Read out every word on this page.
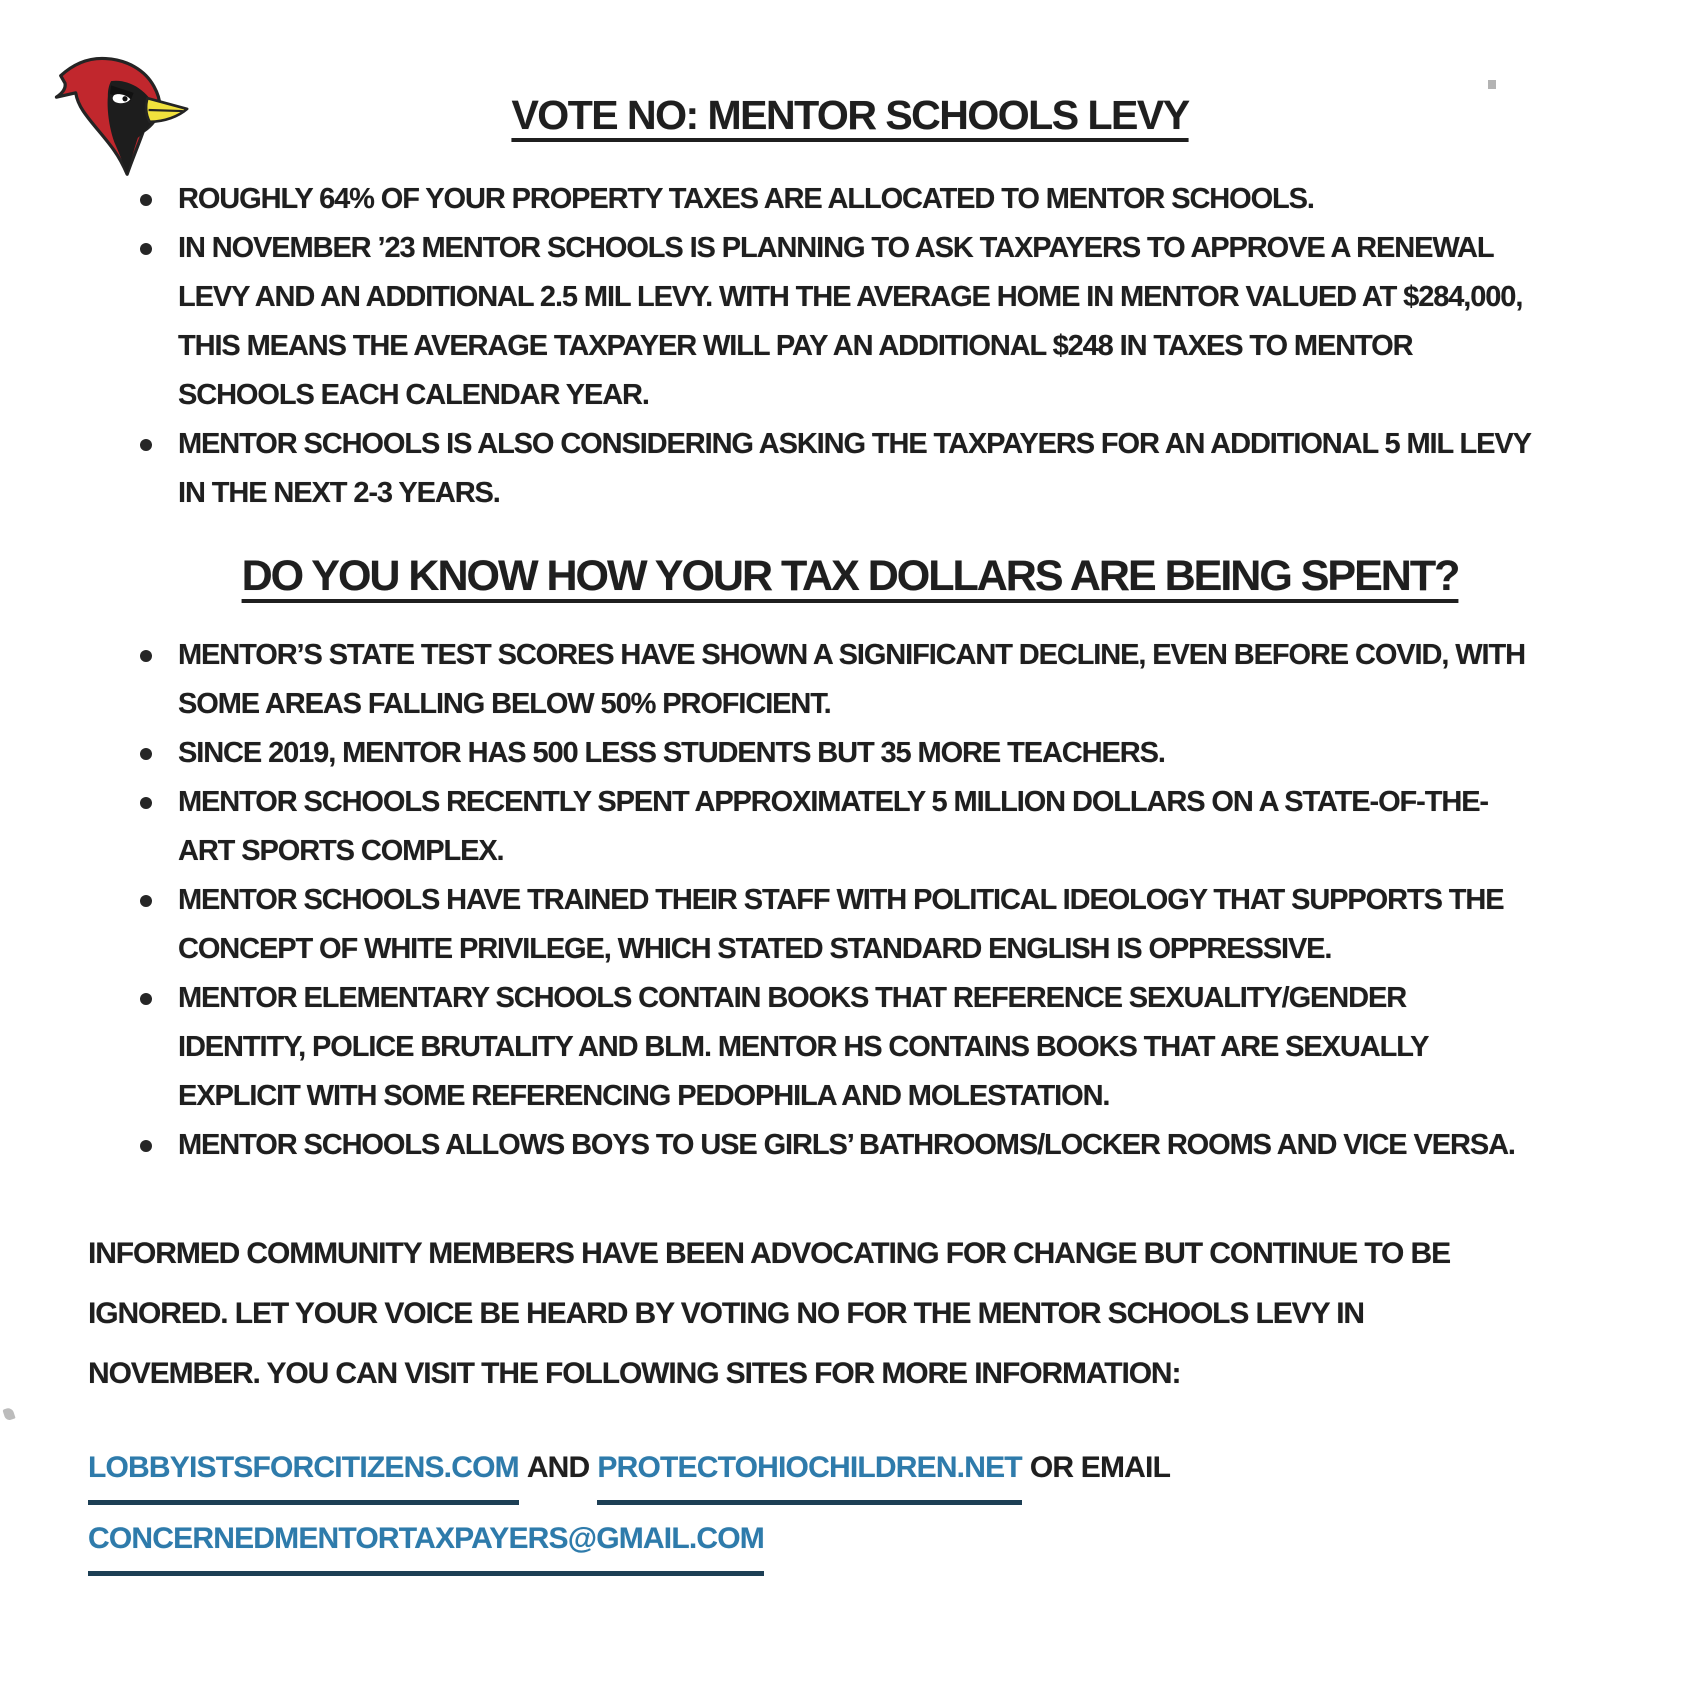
VOTE NO: MENTOR SCHOOLS LEVY
ROUGHLY 64% OF YOUR PROPERTY TAXES ARE ALLOCATED TO MENTOR SCHOOLS.
IN NOVEMBER ’23 MENTOR SCHOOLS IS PLANNING TO ASK TAXPAYERS TO APPROVE A RENEWAL LEVY AND AN ADDITIONAL 2.5 MIL LEVY. WITH THE AVERAGE HOME IN MENTOR VALUED AT $284,000, THIS MEANS THE AVERAGE TAXPAYER WILL PAY AN ADDITIONAL $248 IN TAXES TO MENTOR SCHOOLS EACH CALENDAR YEAR.
MENTOR SCHOOLS IS ALSO CONSIDERING ASKING THE TAXPAYERS FOR AN ADDITIONAL 5 MIL LEVY IN THE NEXT 2-3 YEARS.
DO YOU KNOW HOW YOUR TAX DOLLARS ARE BEING SPENT?
MENTOR’S STATE TEST SCORES HAVE SHOWN A SIGNIFICANT DECLINE, EVEN BEFORE COVID, WITH SOME AREAS FALLING BELOW 50% PROFICIENT.
SINCE 2019, MENTOR HAS 500 LESS STUDENTS BUT 35 MORE TEACHERS.
MENTOR SCHOOLS RECENTLY SPENT APPROXIMATELY 5 MILLION DOLLARS ON A STATE-OF-THE-ART SPORTS COMPLEX.
MENTOR SCHOOLS HAVE TRAINED THEIR STAFF WITH POLITICAL IDEOLOGY THAT SUPPORTS THE CONCEPT OF WHITE PRIVILEGE, WHICH STATED STANDARD ENGLISH IS OPPRESSIVE.
MENTOR ELEMENTARY SCHOOLS CONTAIN BOOKS THAT REFERENCE SEXUALITY/GENDER IDENTITY, POLICE BRUTALITY AND BLM. MENTOR HS CONTAINS BOOKS THAT ARE SEXUALLY EXPLICIT WITH SOME REFERENCING PEDOPHILA AND MOLESTATION.
MENTOR SCHOOLS ALLOWS BOYS TO USE GIRLS’ BATHROOMS/LOCKER ROOMS AND VICE VERSA.

INFORMED COMMUNITY MEMBERS HAVE BEEN ADVOCATING FOR CHANGE BUT CONTINUE TO BE IGNORED. LET YOUR VOICE BE HEARD BY VOTING NO FOR THE MENTOR SCHOOLS LEVY IN NOVEMBER. YOU CAN VISIT THE FOLLOWING SITES FOR MORE INFORMATION:

LOBBYISTSFORCITIZENS.COM AND PROTECTOHIOCHILDREN.NET OR EMAIL
CONCERNEDMENTORTAXPAYERS@GMAIL.COM
